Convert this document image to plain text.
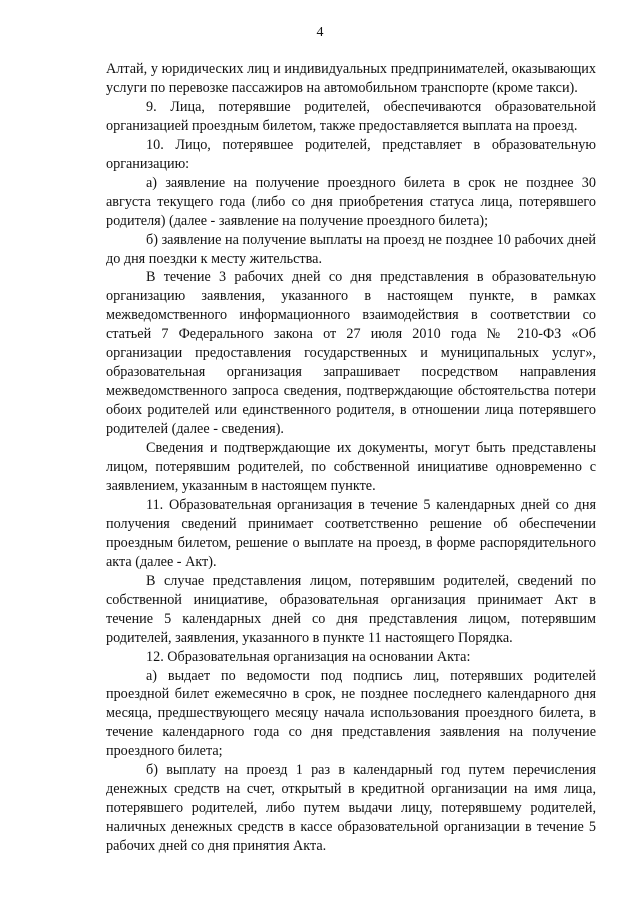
4

Алтай, у юридических лиц и индивидуальных предпринимателей, оказывающих услуги по перевозке пассажиров на автомобильном транспорте (кроме такси).

9. Лица, потерявшие родителей, обеспечиваются образовательной организацией проездным билетом, также предоставляется выплата на проезд.

10. Лицо, потерявшее родителей, представляет в образовательную организацию:

а) заявление на получение проездного билета в срок не позднее 30 августа текущего года (либо со дня приобретения статуса лица, потерявшего родителя) (далее - заявление на получение проездного билета);

б) заявление на получение выплаты на проезд не позднее 10 рабочих дней до дня поездки к месту жительства.

В течение 3 рабочих дней со дня представления в образовательную организацию заявления, указанного в настоящем пункте, в рамках межведомственного информационного взаимодействия в соответствии со статьей 7 Федерального закона от 27 июля 2010 года № 210-ФЗ «Об организации предоставления государственных и муниципальных услуг», образовательная организация запрашивает посредством направления межведомственного запроса сведения, подтверждающие обстоятельства потери обоих родителей или единственного родителя, в отношении лица потерявшего родителей (далее - сведения).

Сведения и подтверждающие их документы, могут быть представлены лицом, потерявшим родителей, по собственной инициативе одновременно с заявлением, указанным в настоящем пункте.

11. Образовательная организация в течение 5 календарных дней со дня получения сведений принимает соответственно решение об обеспечении проездным билетом, решение о выплате на проезд, в форме распорядительного акта (далее - Акт).

В случае представления лицом, потерявшим родителей, сведений по собственной инициативе, образовательная организация принимает Акт в течение 5 календарных дней со дня представления лицом, потерявшим родителей, заявления, указанного в пункте 11 настоящего Порядка.

12. Образовательная организация на основании Акта:

а) выдает по ведомости под подпись лиц, потерявших родителей проездной билет ежемесячно в срок, не позднее последнего календарного дня месяца, предшествующего месяцу начала использования проездного билета, в течение календарного года со дня представления заявления на получение проездного билета;

б) выплату на проезд 1 раз в календарный год путем перечисления денежных средств на счет, открытый в кредитной организации на имя лица, потерявшего родителей, либо путем выдачи лицу, потерявшему родителей, наличных денежных средств в кассе образовательной организации в течение 5 рабочих дней со дня принятия Акта.
